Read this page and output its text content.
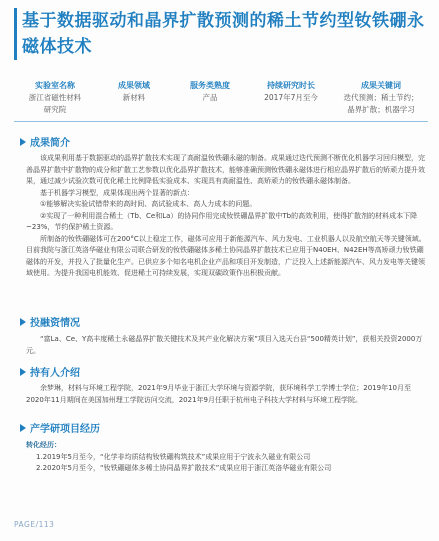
基于数据驱动和晶界扩散预测的稀土节约型钕铁硼永磁体技术
实验室名称
浙江省磁性材料
研究院
成果领域
新材料
服务类熟度
产品
持续研究时长
2017年7月至今
成果关键词
迭代预测；稀土节约；
晶界扩散；机器学习
成果简介

该成果利用基于数据驱动的晶界扩散技术实现了高耐温钕铁硼永磁的制备。成果通过迭代预测不断优化机器学习回归模型，完善晶界扩散中扩散物的成分和扩散工艺参数以优化晶界扩散技术，能够准确预测钕铁硼永磁体进行相应晶界扩散后的矫顽力提升效果，通过减少试验次数可优化稀土比例降低实验成本、实现具有高耐温性、高矫顽力的钕铁硼永磁体制备。

基于机器学习模型，成果体现出两个显著的新点：

①能够解决实验试错带来的高时间、高试验成本、高人力成本的问题。

②实现了一种利用混合稀土（Tb、Ce和La）的协同作用完成钕铁硼晶界扩散中Tb的高效利用，使得扩散剂的材料成本下降~23%，节约保护稀土资源。

所制备的钕铁硼磁体可在200°C以上稳定工作，磁体可应用于新能源汽车、风力发电、工业机器人以及航空航天等关键领域。目前我院与浙江英洛华磁业有限公司联合研发的钕铁硼磁体多稀土协同晶界扩散技术已应用于N40EH、N42EH等高矫顽力钕铁硼磁体的开发，并投入了批量化生产。已供应多个知名电机企业产品和项目开发制造，广泛投入上述新能源汽车、风力发电等关键领域使用。为提升我国电机能效、促进稀土可持续发展，实现双碳政策作出积极贡献。

投融资情况

“富La、Ce、Y高丰度稀土永磁晶界扩散关键技术及其产业化解决方案”项目入选天台县“500精英计划”，获相关投资2000万元。

持有人介绍

余梦琳，材料与环境工程学院，2021年9月毕业于浙江大学环境与资源学院，获环境科学工学博士学位；2019年10月至2020年11月期间在美国加州理工学院访问交流，2021年9月任职于杭州电子科技大学材料与环境工程学院。

产学研项目经历

转化经历：

1.2019年5月至今，“化学非均质结构钕铁硼构筑技术”成果应用于宁波永久磁业有限公司

2.2020年5月至今，“钕铁硼磁体多稀土协同晶界扩散技术”成果应用于浙江英洛华磁业有限公司

PAGE/113
